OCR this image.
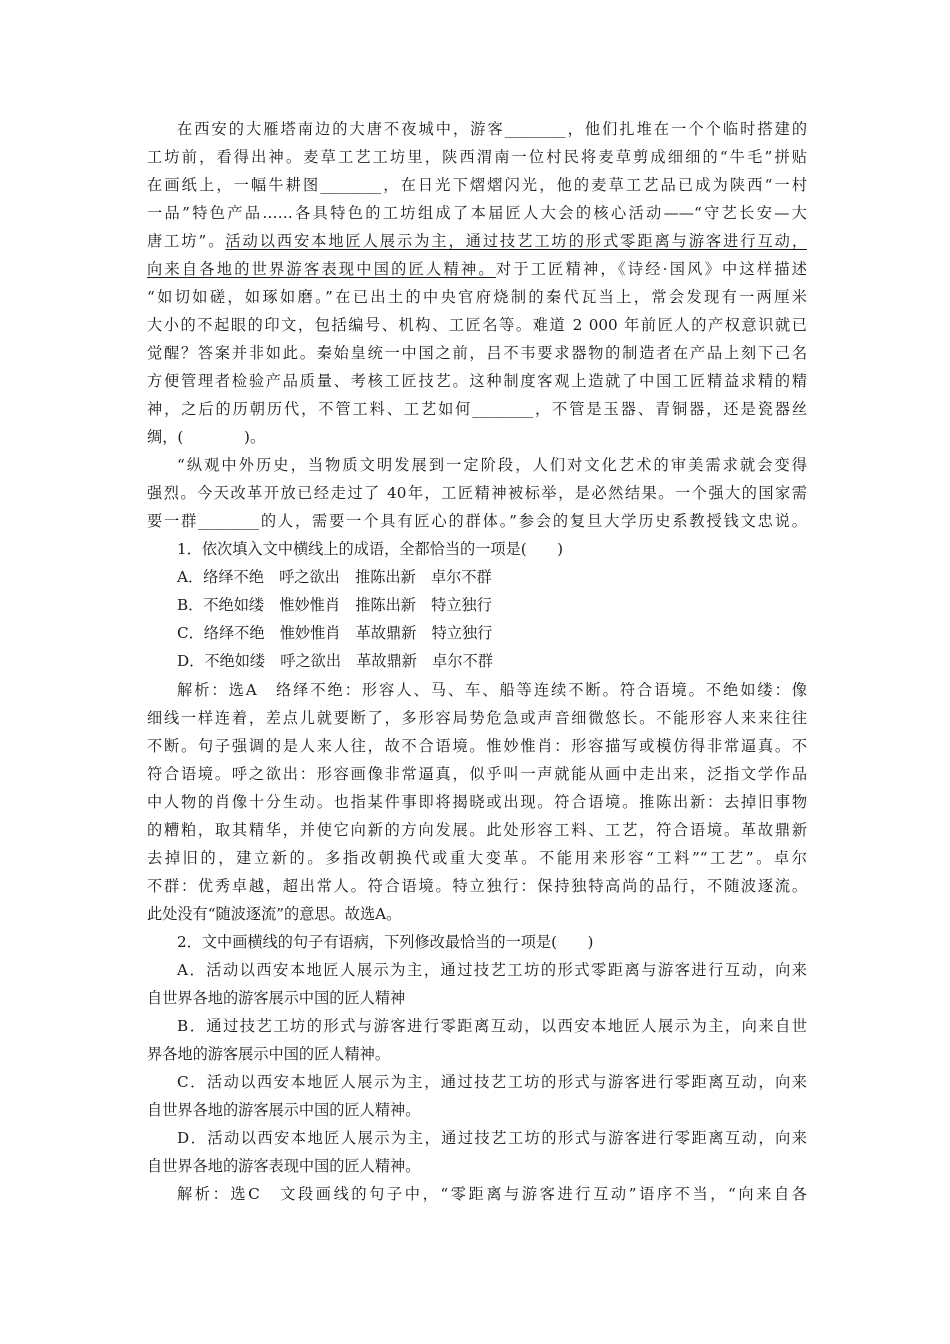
在西安的大雁塔南边的大唐不夜城中，游客________，他们扎堆在一个个临时搭建的
工坊前，看得出神。麦草工艺工坊里，陕西渭南一位村民将麦草剪成细细的“牛毛”拼贴
在画纸上，一幅牛耕图________，在日光下熠熠闪光，他的麦草工艺品已成为陕西“一村
一品”特色产品……各具特色的工坊组成了本届匠人大会的核心活动——“守艺长安—大
唐工坊”。活动以西安本地匠人展示为主，通过技艺工坊的形式零距离与游客进行互动，
向来自各地的世界游客表现中国的匠人精神。对于工匠精神，《诗经·国风》中这样描述
“如切如磋，如琢如磨。”在已出土的中央官府烧制的秦代瓦当上，常会发现有一两厘米
大小的不起眼的印文，包括编号、机构、工匠名等。难道 2 000 年前匠人的产权意识就已
觉醒？答案并非如此。秦始皇统一中国之前，吕不韦要求器物的制造者在产品上刻下己名
方便管理者检验产品质量、考核工匠技艺。这种制度客观上造就了中国工匠精益求精的精
神，之后的历朝历代，不管工料、工艺如何________，不管是玉器、青铜器，还是瓷器丝
绸，(　　　　)。
“纵观中外历史，当物质文明发展到一定阶段，人们对文化艺术的审美需求就会变得
强烈。今天改革开放已经走过了 40年，工匠精神被标举，是必然结果。一个强大的国家需
要一群________的人，需要一个具有匠心的群体。”参会的复旦大学历史系教授钱文忠说。
1．依次填入文中横线上的成语，全都恰当的一项是(　　)
A．络绎不绝　呼之欲出　推陈出新　卓尔不群
B．不绝如缕　惟妙惟肖　推陈出新　特立独行
C．络绎不绝　惟妙惟肖　革故鼎新　特立独行
D．不绝如缕　呼之欲出　革故鼎新　卓尔不群
解析：选A　络绎不绝：形容人、马、车、船等连续不断。符合语境。不绝如缕：像
细线一样连着，差点儿就要断了，多形容局势危急或声音细微悠长。不能形容人来来往往
不断。句子强调的是人来人往，故不合语境。惟妙惟肖：形容描写或模仿得非常逼真。不
符合语境。呼之欲出：形容画像非常逼真，似乎叫一声就能从画中走出来，泛指文学作品
中人物的肖像十分生动。也指某件事即将揭晓或出现。符合语境。推陈出新：去掉旧事物
的糟粕，取其精华，并使它向新的方向发展。此处形容工料、工艺，符合语境。革故鼎新
去掉旧的，建立新的。多指改朝换代或重大变革。不能用来形容“工料”“工艺”。卓尔
不群：优秀卓越，超出常人。符合语境。特立独行：保持独特高尚的品行，不随波逐流。
此处没有“随波逐流”的意思。故选A。
2．文中画横线的句子有语病，下列修改最恰当的一项是(　　)
A．活动以西安本地匠人展示为主，通过技艺工坊的形式零距离与游客进行互动，向来
自世界各地的游客展示中国的匠人精神
B．通过技艺工坊的形式与游客进行零距离互动，以西安本地匠人展示为主，向来自世
界各地的游客展示中国的匠人精神。
C．活动以西安本地匠人展示为主，通过技艺工坊的形式与游客进行零距离互动，向来
自世界各地的游客展示中国的匠人精神。
D．活动以西安本地匠人展示为主，通过技艺工坊的形式与游客进行零距离互动，向来
自世界各地的游客表现中国的匠人精神。
解析：选C　文段画线的句子中，“零距离与游客进行互动”语序不当，“向来自各
